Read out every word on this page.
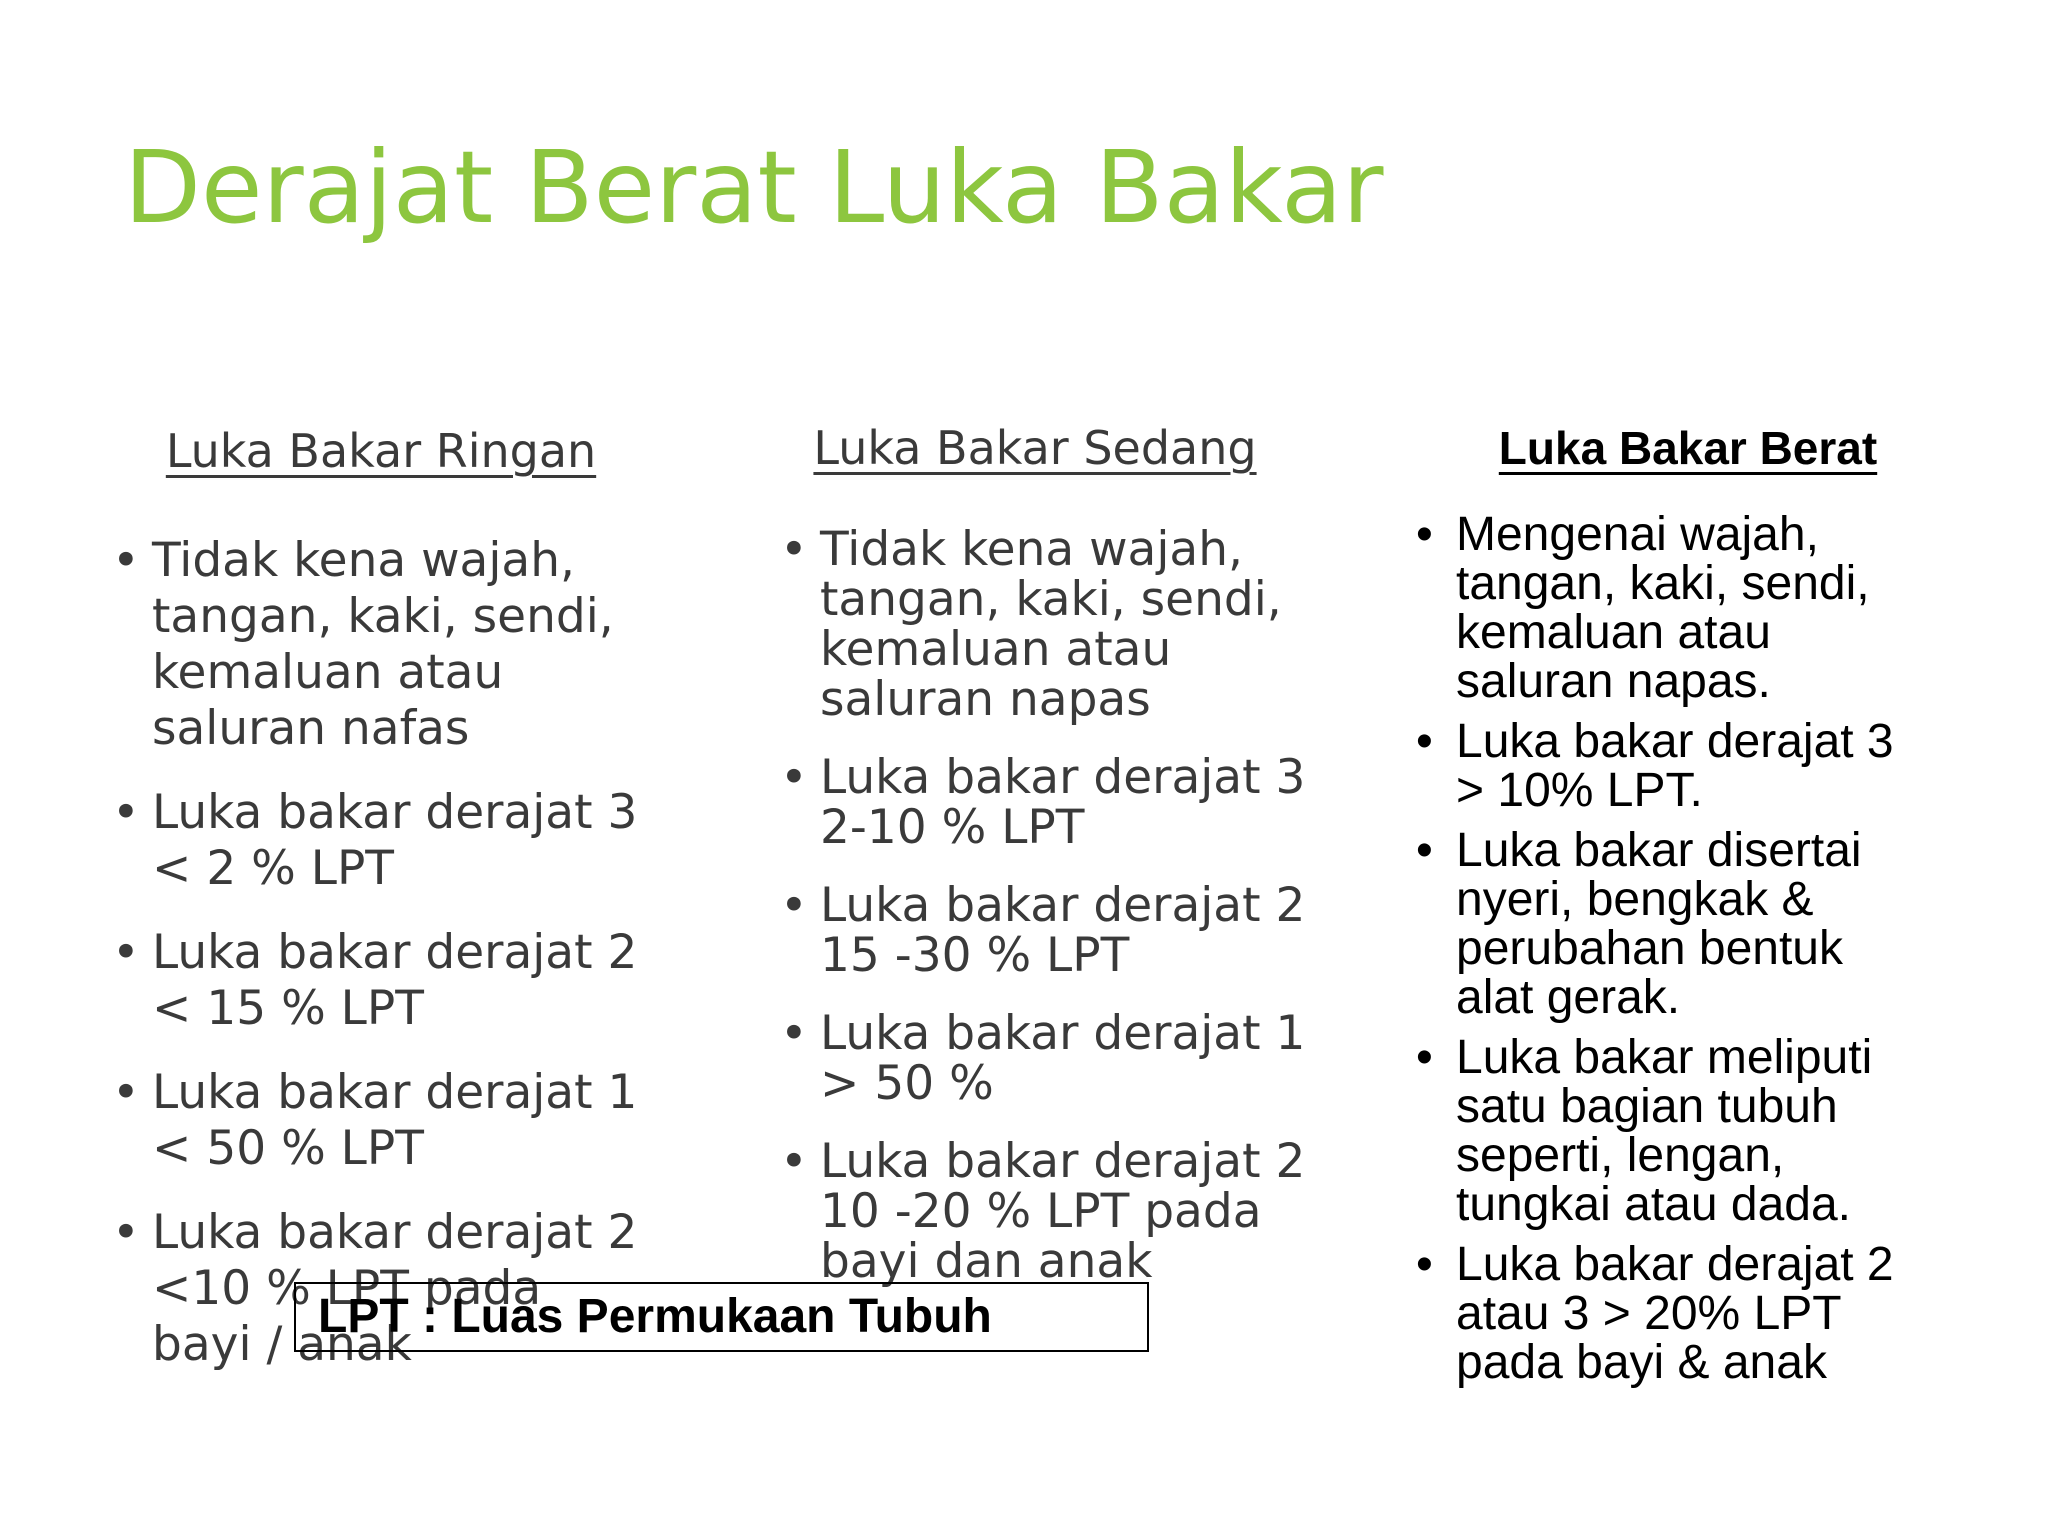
Derajat Berat Luka Bakar
Luka Bakar Ringan
• Tidak kena wajah,
tangan, kaki, sendi,
kemaluan atau
saluran nafas
• Luka bakar derajat 3
< 2 % LPT
• Luka bakar derajat 2
< 15 % LPT
• Luka bakar derajat 1
< 50 % LPT
• Luka bakar derajat 2
<10 % LPT pada
bayi / anak
Luka Bakar Sedang
• Tidak kena wajah,
tangan, kaki, sendi,
kemaluan atau
saluran napas
• Luka bakar derajat 3
2-10 % LPT
• Luka bakar derajat 2
15 -30 % LPT
• Luka bakar derajat 1
> 50 %
• Luka bakar derajat 2
10 -20 % LPT pada
bayi dan anak
Luka Bakar Berat
• Mengenai wajah,
tangan, kaki, sendi,
kemaluan atau
saluran napas.
• Luka bakar derajat 3
> 10% LPT.
• Luka bakar disertai
nyeri, bengkak &
perubahan bentuk
alat gerak.
• Luka bakar meliputi
satu bagian tubuh
seperti, lengan,
tungkai atau dada.
• Luka bakar derajat 2
atau 3 > 20% LPT
pada bayi & anak
LPT : Luas Permukaan Tubuh
